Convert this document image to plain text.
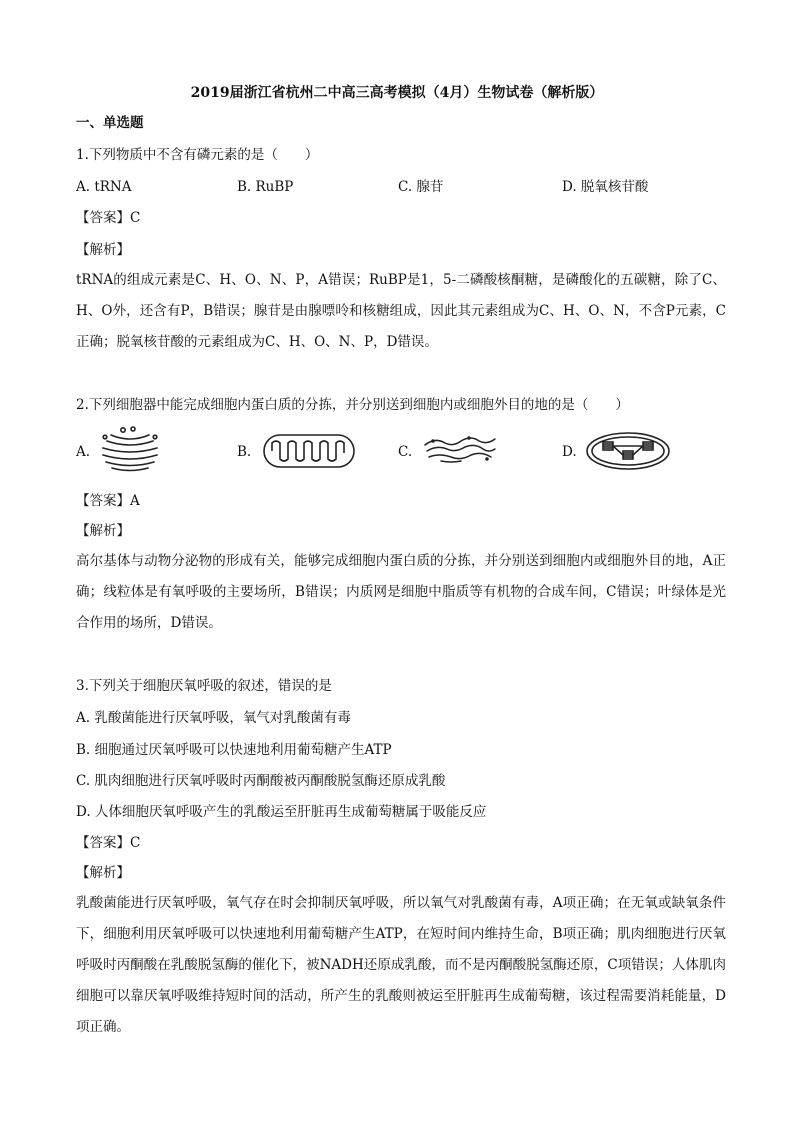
2019届浙江省杭州二中高三高考模拟（4月）生物试卷（解析版）
一、单选题
1.下列物质中不含有磷元素的是（　　）
A. tRNA	B. RuBP	C. 腺苷	D. 脱氧核苷酸
【答案】C
【解析】
tRNA的组成元素是C、H、O、N、P，A错误；RuBP是1，5-二磷酸核酮糖，是磷酸化的五碳糖，除了C、H、O外，还含有P，B错误；腺苷是由腺嘌呤和核糖组成，因此其元素组成为C、H、O、N，不含P元素，C正确；脱氧核苷酸的元素组成为C、H、O、N、P，D错误。
2.下列细胞器中能完成细胞内蛋白质的分拣，并分别送到细胞内或细胞外目的地的是（　　）
A.	B.	C.	D.
【答案】A
【解析】
高尔基体与动物分泌物的形成有关，能够完成细胞内蛋白质的分拣，并分别送到细胞内或细胞外目的地，A正确；线粒体是有氧呼吸的主要场所，B错误；内质网是细胞中脂质等有机物的合成车间，C错误；叶绿体是光合作用的场所，D错误。
3.下列关于细胞厌氧呼吸的叙述，错误的是
A. 乳酸菌能进行厌氧呼吸，氧气对乳酸菌有毒
B. 细胞通过厌氧呼吸可以快速地利用葡萄糖产生ATP
C. 肌肉细胞进行厌氧呼吸时丙酮酸被丙酮酸脱氢酶还原成乳酸
D. 人体细胞厌氧呼吸产生的乳酸运至肝脏再生成葡萄糖属于吸能反应
【答案】C
【解析】
乳酸菌能进行厌氧呼吸，氧气存在时会抑制厌氧呼吸，所以氧气对乳酸菌有毒，A项正确；在无氧或缺氧条件下，细胞利用厌氧呼吸可以快速地利用葡萄糖产生ATP，在短时间内维持生命，B项正确；肌肉细胞进行厌氧呼吸时丙酮酸在乳酸脱氢酶的催化下，被NADH还原成乳酸，而不是丙酮酸脱氢酶还原，C项错误；人体肌肉细胞可以靠厌氧呼吸维持短时间的活动，所产生的乳酸则被运至肝脏再生成葡萄糖，该过程需要消耗能量，D项正确。
